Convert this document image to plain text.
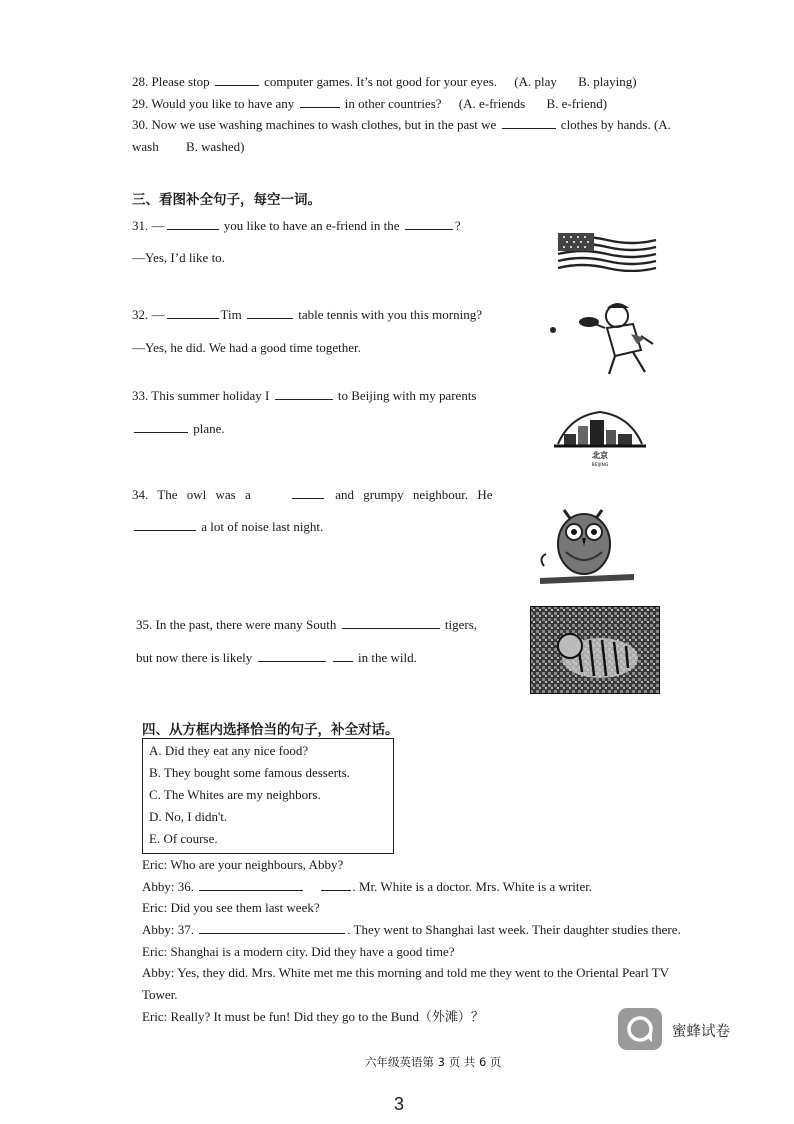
28. Please stop	computer games. It’s not good for your eyes. (A. play B. playing)
29. Would you like to have any	in other countries? (A. e-friends B. e-friend)
30. Now we use washing machines to wash clothes, but in the past we	clothes by hands. (A.
wash B. washed)
三、看图补全句子，每空一词。
31. —	you like to have an e-friend in the	?
—Yes, I’d like to.
32. —	Tim	table tennis with you this morning?
—Yes, he did. We had a good time together.
33. This summer holiday I	to Beijing with my parents
plane.
北京
BEIJING
34. The owl was a	and grumpy neighbour. He
a lot of noise last night.
35. In the past, there were many South	tigers,
but now there is likely	in the wild.
四、从方框内选择恰当的句子，补全对话。
A. Did they eat any nice food?
B. They bought some famous desserts.
C. The Whites are my neighbors.
D. No, I didn't.
E. Of course.
Eric: Who are your neighbours, Abby?
Abby: 36.	. Mr. White is a doctor. Mrs. White is a writer.
Eric: Did you see them last week?
Abby: 37.	. They went to Shanghai last week. Their daughter studies there.
Eric: Shanghai is a modern city. Did they have a good time?
Abby: Yes, they did. Mrs. White met me this morning and told me they went to the Oriental Pearl TV
Tower.
Eric: Really? It must be fun! Did they go to the Bund（外滩）？
蜜蜂试卷
六年级英语第 3 页 共 6 页
3
